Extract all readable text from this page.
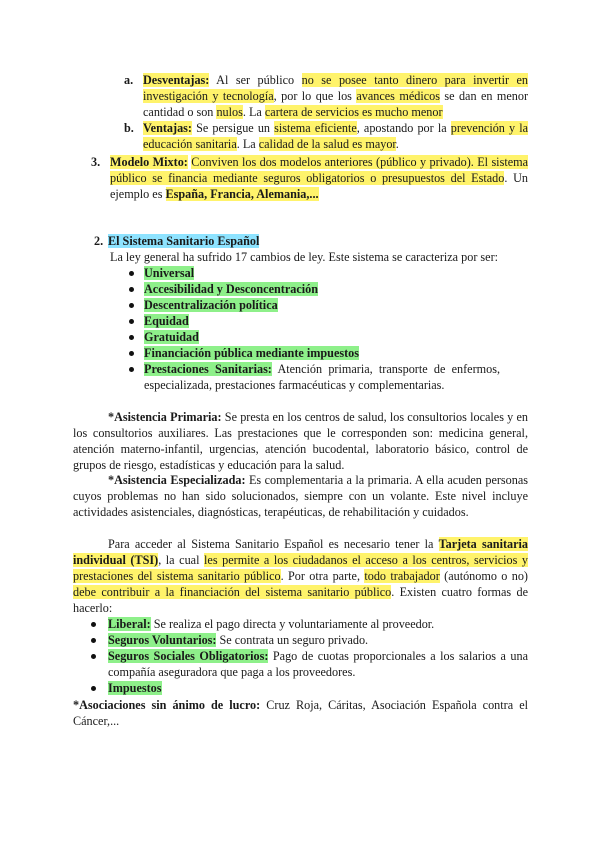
a. Desventajas: Al ser público no se posee tanto dinero para invertir en
investigación y tecnología, por lo que los avances médicos se dan en menor
cantidad o son nulos. La cartera de servicios es mucho menor
b. Ventajas: Se persigue un sistema eficiente, apostando por la prevención y la
educación sanitaria. La calidad de la salud es mayor.
3. Modelo Mixto: Conviven los dos modelos anteriores (público y privado). El sistema
público se financia mediante seguros obligatorios o presupuestos del Estado. Un
ejemplo es España, Francia, Alemania,...
2. El Sistema Sanitario Español
La ley general ha sufrido 17 cambios de ley. Este sistema se caracteriza por ser:
Universal
Accesibilidad y Desconcentración
Descentralización política
Equidad
Gratuidad
Financiación pública mediante impuestos
Prestaciones Sanitarias: Atención primaria, transporte de enfermos,
especializada, prestaciones farmacéuticas y complementarias.
*Asistencia Primaria: Se presta en los centros de salud, los consultorios locales y en
los consultorios auxiliares. Las prestaciones que le corresponden son: medicina general,
atención materno-infantil, urgencias, atención bucodental, laboratorio básico, control de
grupos de riesgo, estadísticas y educación para la salud.
*Asistencia Especializada: Es complementaria a la primaria. A ella acuden personas
cuyos problemas no han sido solucionados, siempre con un volante. Este nivel incluye
actividades asistenciales, diagnósticas, terapéuticas, de rehabilitación y cuidados.
Para acceder al Sistema Sanitario Español es necesario tener la Tarjeta sanitaria
individual (TSI), la cual les permite a los ciudadanos el acceso a los centros, servicios y
prestaciones del sistema sanitario público. Por otra parte, todo trabajador (autónomo o no)
debe contribuir a la financiación del sistema sanitario público. Existen cuatro formas de
hacerlo:
Liberal: Se realiza el pago directa y voluntariamente al proveedor.
Seguros Voluntarios: Se contrata un seguro privado.
Seguros Sociales Obligatorios: Pago de cuotas proporcionales a los salarios a una
compañía aseguradora que paga a los proveedores.
Impuestos
*Asociaciones sin ánimo de lucro: Cruz Roja, Cáritas, Asociación Española contra el
Cáncer,...
